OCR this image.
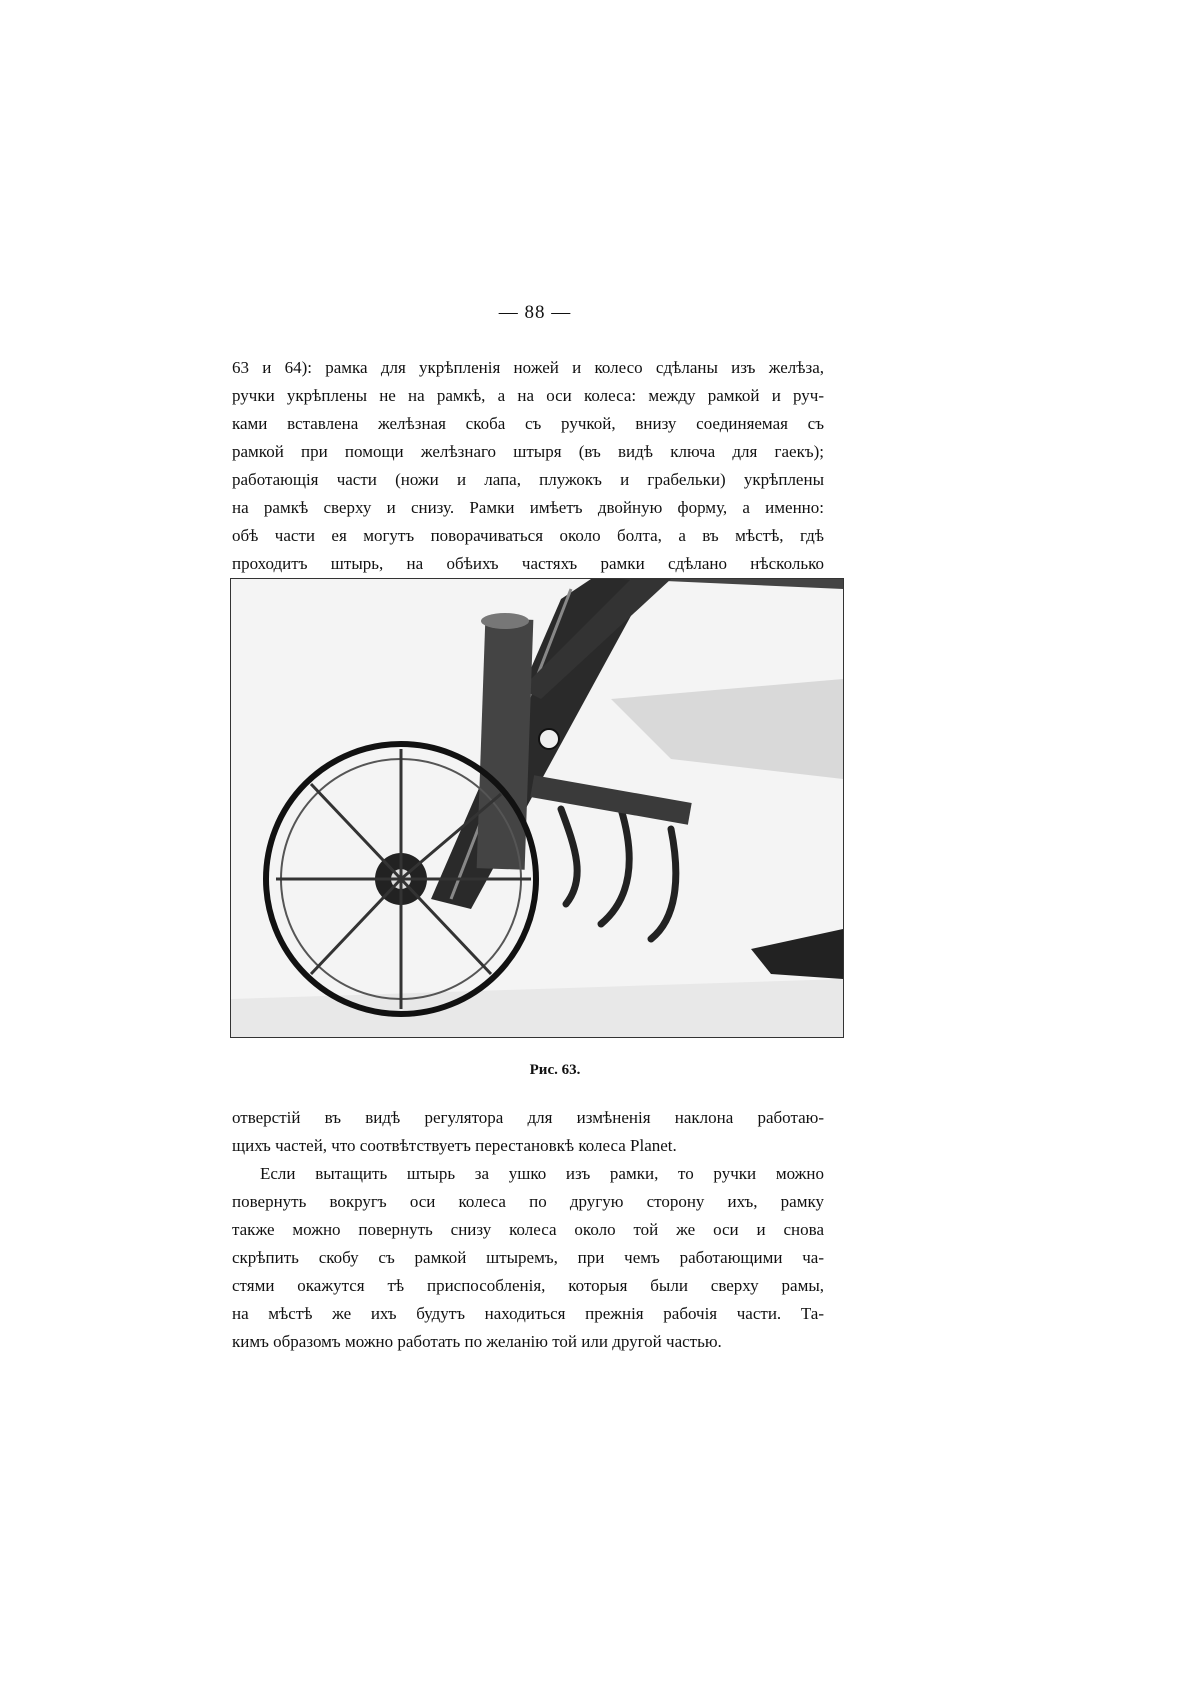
— 88 —

63 и 64): рамка для укрѣпленія ножей и колесо сдѣланы изъ желѣза,
ручки укрѣплены не на рамкѣ, а на оси колеса: между рамкой и руч-
ками вставлена желѣзная скоба съ ручкой, внизу соединяемая съ
рамкой при помощи желѣзнаго штыря (въ видѣ ключа для гаекъ);
работающія части (ножи и лапа, плужокъ и грабельки) укрѣплены
на рамкѣ сверху и снизу. Рамки имѣетъ двойную форму, а именно:
обѣ части ея могутъ поворачиваться около болта, а въ мѣстѣ, гдѣ
проходитъ штырь, на обѣихъ частяхъ рамки сдѣлано нѣсколько

Рис. 63.

отверстій въ видѣ регулятора для измѣненія наклона работаю-
щихъ частей, что соотвѣтствуетъ перестановкѣ колеса Planet.

Если вытащить штырь за ушко изъ рамки, то ручки можно
повернуть вокругъ оси колеса по другую сторону ихъ, рамку
также можно повернуть снизу колеса около той же оси и снова
скрѣпить скобу съ рамкой штыремъ, при чемъ работающими ча-
стями окажутся тѣ приспособленія, которыя были сверху рамы,
на мѣстѣ же ихъ будутъ находиться прежнія рабочія части. Та-
кимъ образомъ можно работать по желанію той или другой частью.
